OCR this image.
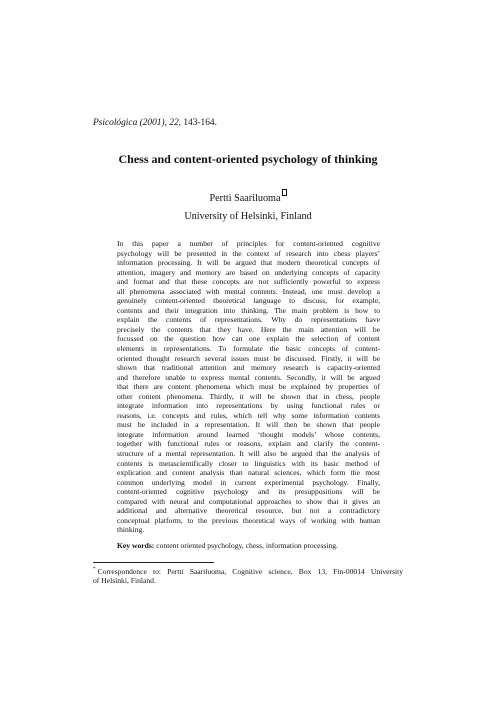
Psicológica (2001), 22, 143-164.
Chess and content-oriented psychology of thinking
Pertti Saariluoma
University of Helsinki, Finland
In this paper a number of principles for content-oriented cognitive
psychology will be presented in the context of research into chess players’
information processing. It will be argued that modern theoretical concepts of
attention, imagery and memory are based on underlying concepts of capacity
and format and that these concepts are not sufficiently powerful to express
all phenomena associated with mental contents. Instead, one must develop a
genuinely content-oriented theoretical language to discuss, for example,
contents and their integration into thinking. The main problem is how to
explain the contents of representations. Why do representations have
precisely the contents that they have. Here the main attention will be
focussed on the question how can one explain the selection of content
elements in representations. To formulate the basic concepts of content-
oriented thought research several issues must be discussed. Firstly, it will be
shown that traditional attention and memory research is capacity-oriented
and therefore unable to express mental contents. Secondly, it will be argued
that there are content phenomena which must be explained by properties of
other content phenomena. Thirdly, it will be shown that in chess, people
integrate information into representations by using functional rules or
reasons, i.e. concepts and rules, which tell why some information contents
must be included in a representation. It will then be shown that people
integrate information around learned ‘thought models’ whose contents,
together with functional rules or reasons, explain and clarify the content-
structure of a mental representation. It will also be argued that the analysis of
contents is metascientifically closer to linguistics with its basic method of
explication and content analysis than natural sciences, which form the most
common underlying model in current experimental psychology. Finally,
content-oriented cognitive psychology and its presuppositions will be
compared with neural and computational approaches to show that it gives an
additional and alternative theoretical resource, but not a contradictory
conceptual platform, to the previous theoretical ways of working with human
thinking.
Key words: content oriented psychology, chess, information processing.
* Correspondence to: Pertti Saariluoma, Cognitive science, Box 13, Fin-00014 University
of Helsinki, Finland.
